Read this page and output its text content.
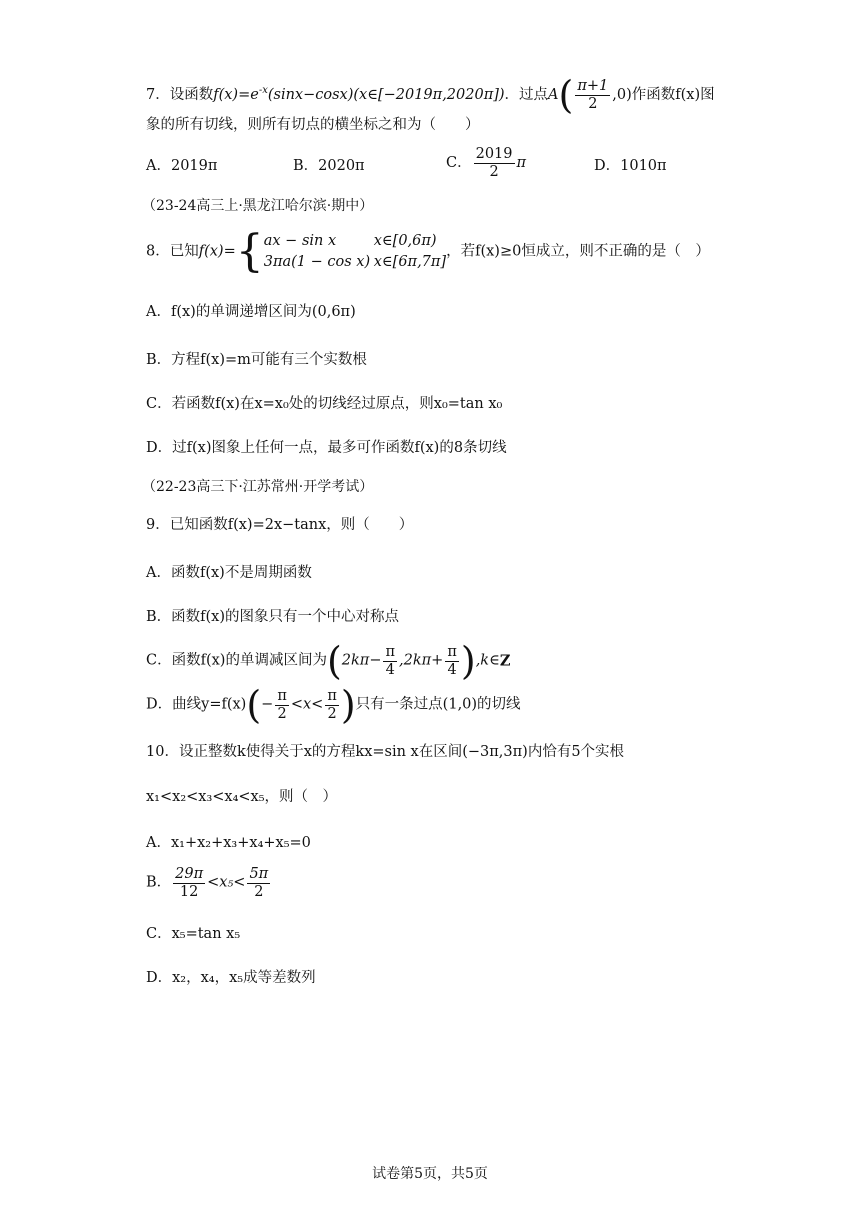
7．设函数$f(x)=e^{-x}(\sin x-\cos x)(x\in[-2019\pi,2020\pi])$．过点$A( \frac{\pi+1}{2} ,0)$作函数f(x)图
象的所有切线，则所有切点的横坐标之和为（　　）
A．2019π	B．2020π	C． $\frac{2019}{2}$ π	D．1010π
（23-24高三上·黑龙江哈尔滨·期中）
8．已知f(x)={ ax − sin x	x∈[0,6π)
3πa(1 − cos x) x∈[6π,7π]
，若f(x)≥0恒成立，则不正确的是（　）
A．f(x)的单调递增区间为(0,6π)
B．方程f(x)=m可能有三个实数根
C．若函数f(x)在x=x₀处的切线经过原点，则x₀=tan x₀
D．过f(x)图象上任何一点，最多可作函数f(x)的8条切线
（22-23高三下·江苏常州·开学考试）
9．已知函数f(x)=2x−tanx，则（　　）
A．函数f(x)不是周期函数
B．函数f(x)的图象只有一个中心对称点
C．函数f(x)的单调减区间为($2k\pi- \frac{\pi}{4} ,2k\pi+ \frac{\pi}{4}$ ),k∈Z
D．曲线$y=f(x)(- \frac{\pi}{2} <x< \frac{\pi}{2}$ )只有一条过点(1,0)的切线
10．设正整数k使得关于x的方程kx=sin x在区间(−3π,3π)内恰有5个实根
x₁<x₂<x₃<x₄<x₅，则（　）
A．x₁+x₂+x₃+x₄+x₅=0
B． $\frac{29\pi}{12} <x_5< \frac{5\pi}{2}$
C．x₅=tan x₅
D．x₂，x₄，x₅成等差数列
试卷第5页，共5页
